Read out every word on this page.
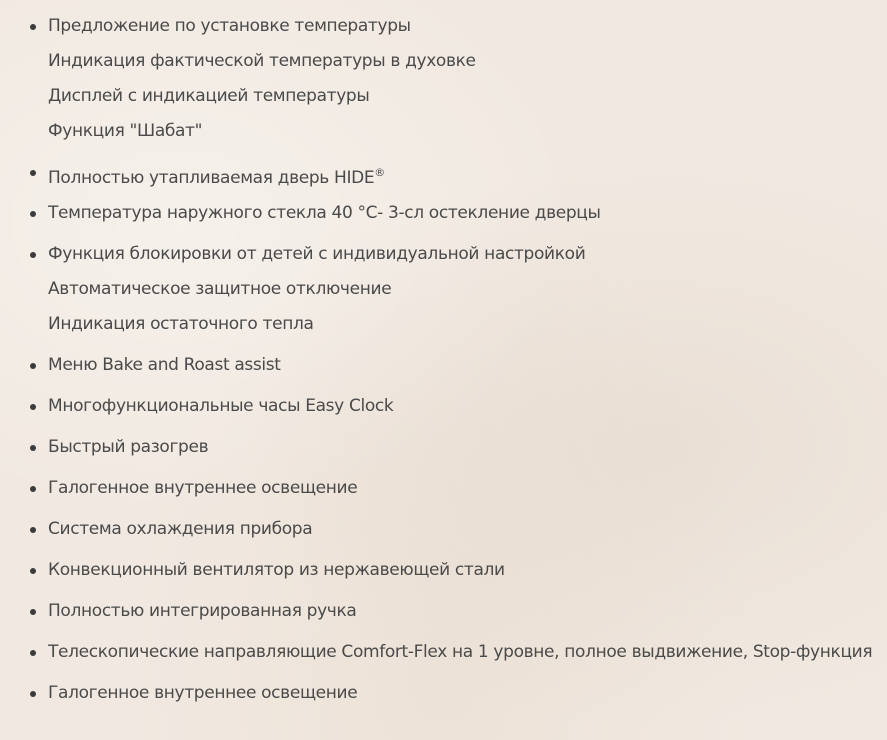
Предложение по установке температуры
Индикация фактической температуры в духовке
Дисплей с индикацией температуры
Функция "Шабат"
Полностью утапливаемая дверь HIDE®
Температура наружного стекла 40 °C- 3-сл остекление дверцы
Функция блокировки от детей с индивидуальной настройкой
Автоматическое защитное отключение
Индикация остаточного тепла
Меню Bake and Roast assist
Многофункциональные часы Easy Clock
Быстрый разогрев
Галогенное внутреннее освещение
Система охлаждения прибора
Конвекционный вентилятор из нержавеющей стали
Полностью интегрированная ручка
Телескопические направляющие Comfort-Flex на 1 уровне, полное выдвижение, Stop-функция
Галогенное внутреннее освещение
